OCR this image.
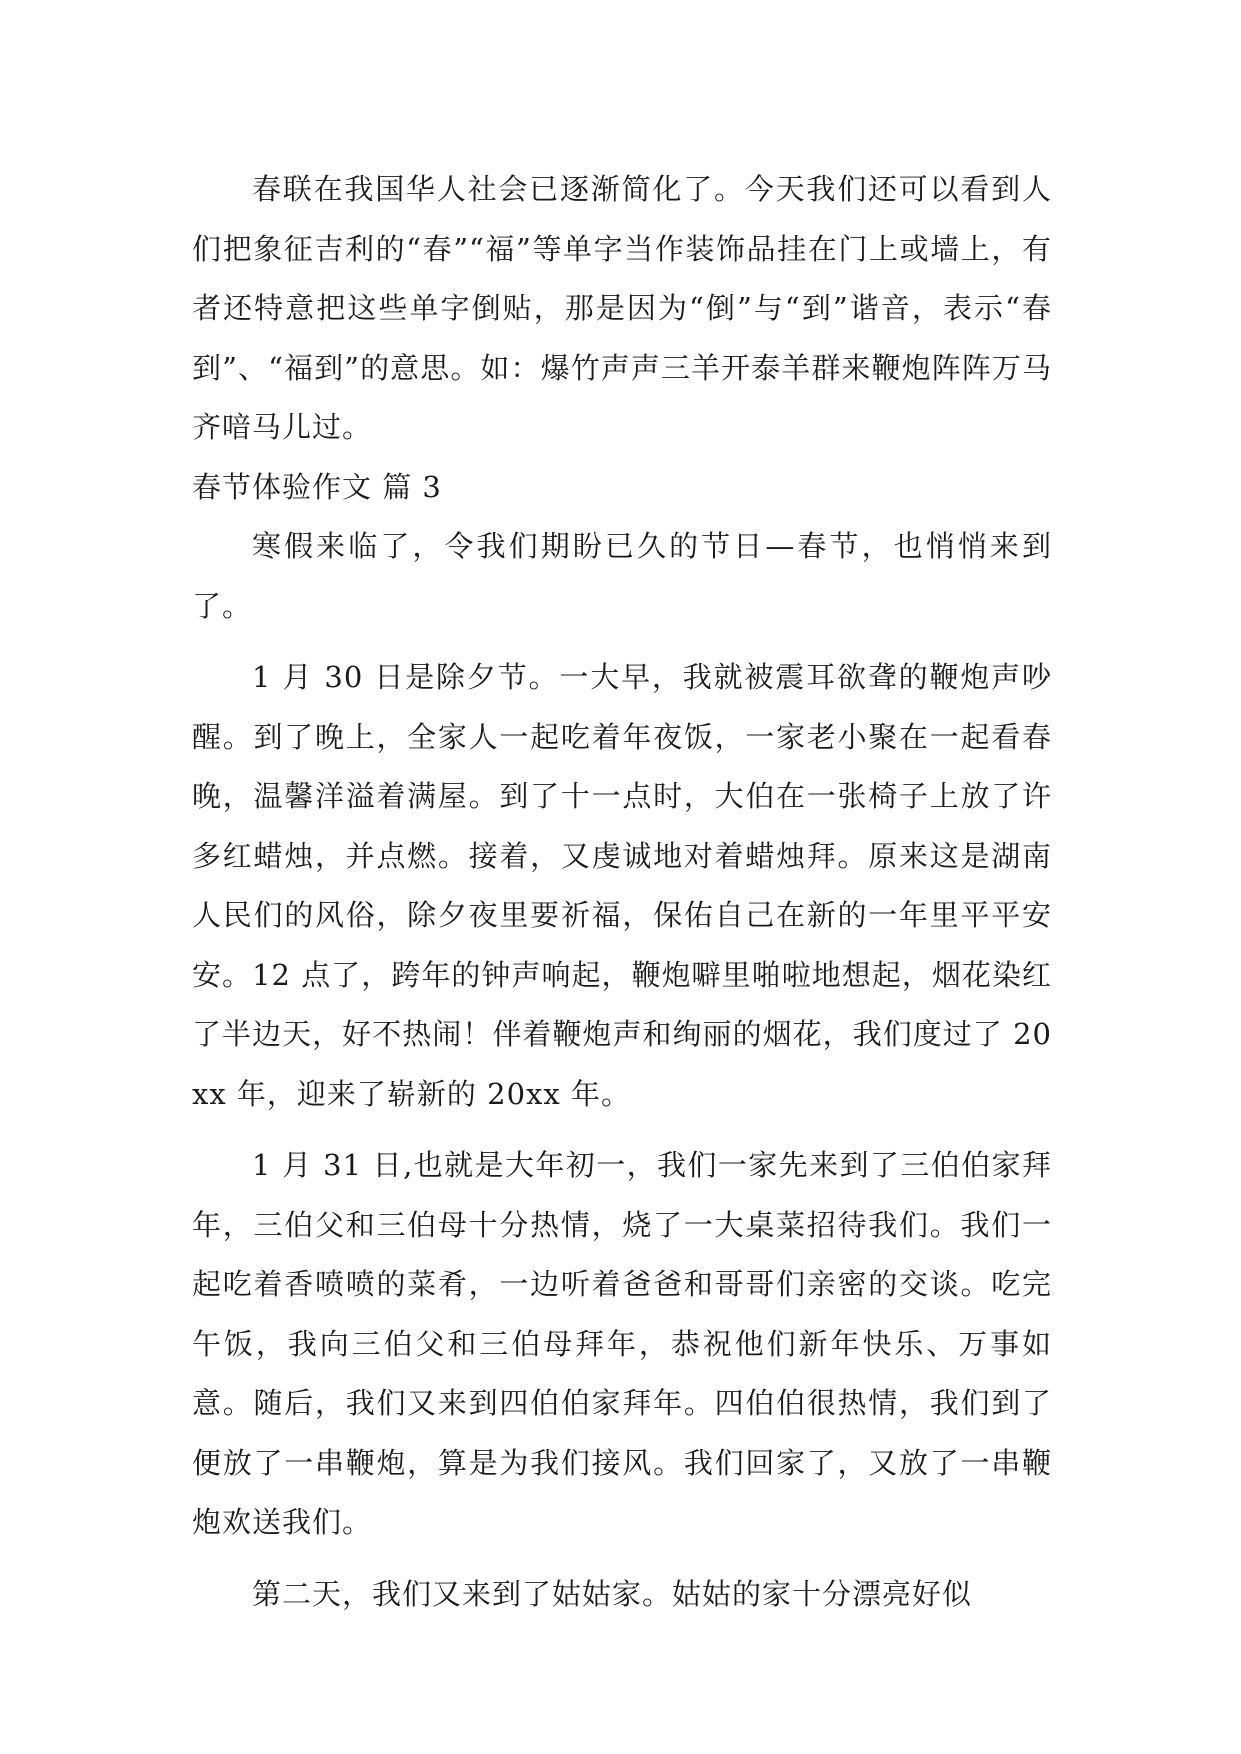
春联在我国华人社会已逐渐简化了。今天我们还可以看到人们把象征吉利的“春”“福”等单字当作装饰品挂在门上或墙上，有者还特意把这些单字倒贴，那是因为“倒”与“到”谐音，表示“春到”、“福到”的意思。如：爆竹声声三羊开泰羊群来鞭炮阵阵万马齐喑马儿过。

春节体验作文 篇 3

寒假来临了，令我们期盼已久的节日—春节，也悄悄来到了。

1 月 30 日是除夕节。一大早，我就被震耳欲聋的鞭炮声吵醒。到了晚上，全家人一起吃着年夜饭，一家老小聚在一起看春晚，温馨洋溢着满屋。到了十一点时，大伯在一张椅子上放了许多红蜡烛，并点燃。接着，又虔诚地对着蜡烛拜。原来这是湖南人民们的风俗，除夕夜里要祈福，保佑自己在新的一年里平平安安。12 点了，跨年的钟声响起，鞭炮噼里啪啦地想起，烟花染红了半边天，好不热闹！伴着鞭炮声和绚丽的烟花，我们度过了 20xx 年，迎来了崭新的 20xx 年。

1 月 31 日,也就是大年初一，我们一家先来到了三伯伯家拜年，三伯父和三伯母十分热情，烧了一大桌菜招待我们。我们一起吃着香喷喷的菜肴，一边听着爸爸和哥哥们亲密的交谈。吃完午饭，我向三伯父和三伯母拜年，恭祝他们新年快乐、万事如意。随后，我们又来到四伯伯家拜年。四伯伯很热情，我们到了便放了一串鞭炮，算是为我们接风。我们回家了，又放了一串鞭炮欢送我们。

第二天，我们又来到了姑姑家。姑姑的家十分漂亮好似
